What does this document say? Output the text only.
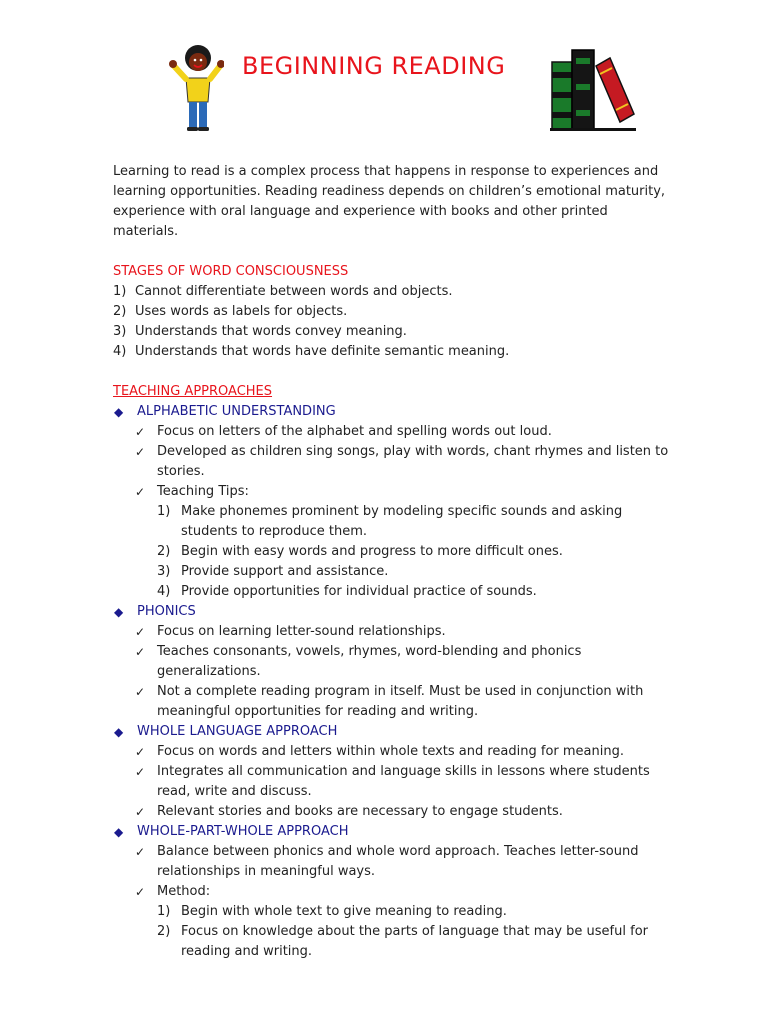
BEGINNING READING

Learning to read is a complex process that happens in response to experiences and learning opportunities. Reading readiness depends on children’s emotional maturity, experience with oral language and experience with books and other printed materials.

STAGES OF WORD CONSCIOUSNESS

1) Cannot differentiate between words and objects.
2) Uses words as labels for objects.
3) Understands that words convey meaning.
4) Understands that words have definite semantic meaning.

TEACHING APPROACHES

◆ ALPHABETIC UNDERSTANDING
✓ Focus on letters of the alphabet and spelling words out loud.
✓ Developed as children sing songs, play with words, chant rhymes and listen to stories.
✓ Teaching Tips:
1) Make phonemes prominent by modeling specific sounds and asking students to reproduce them.
2) Begin with easy words and progress to more difficult ones.
3) Provide support and assistance.
4) Provide opportunities for individual practice of sounds.
◆ PHONICS
✓ Focus on learning letter-sound relationships.
✓ Teaches consonants, vowels, rhymes, word-blending and phonics generalizations.
✓ Not a complete reading program in itself. Must be used in conjunction with meaningful opportunities for reading and writing.
◆ WHOLE LANGUAGE APPROACH
✓ Focus on words and letters within whole texts and reading for meaning.
✓ Integrates all communication and language skills in lessons where students read, write and discuss.
✓ Relevant stories and books are necessary to engage students.
◆ WHOLE-PART-WHOLE APPROACH
✓ Balance between phonics and whole word approach. Teaches letter-sound relationships in meaningful ways.
✓ Method:
1) Begin with whole text to give meaning to reading.
2) Focus on knowledge about the parts of language that may be useful for reading and writing.
